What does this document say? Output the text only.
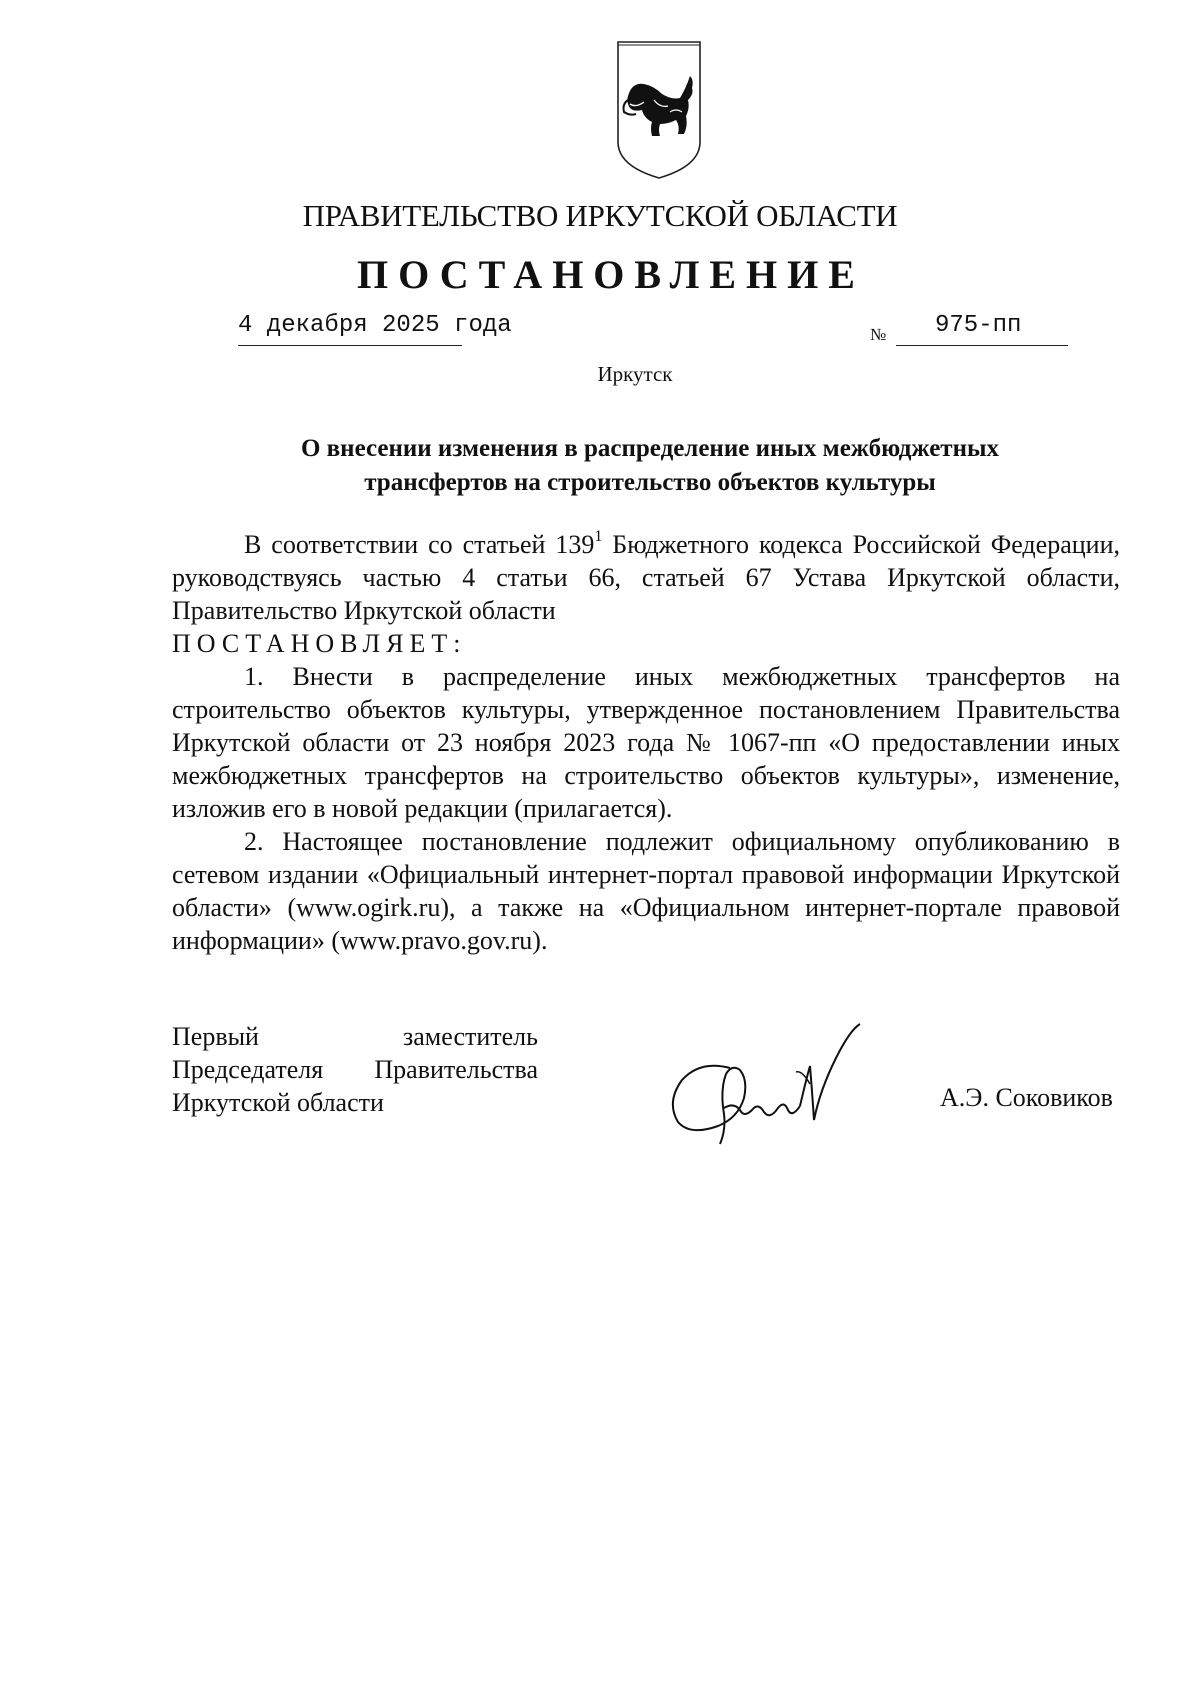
ПРАВИТЕЛЬСТВО ИРКУТСКОЙ ОБЛАСТИ
ПОСТАНОВЛЕНИЕ
4 декабря 2025 года	№ 975-пп
Иркутск
О внесении изменения в распределение иных межбюджетных
трансфертов на строительство объектов культуры

В соответствии со статьей $139^1$ Бюджетного кодекса Российской Федерации, руководствуясь частью 4 статьи 66, статьей 67 Устава Иркутской области, Правительство Иркутской области

ПОСТАНОВЛЯЕТ:

1. Внести в распределение иных межбюджетных трансфертов на строительство объектов культуры, утвержденное постановлением Правительства Иркутской области от 23 ноября 2023 года № 1067-пп «О предоставлении иных межбюджетных трансфертов на строительство объектов культуры», изменение, изложив его в новой редакции (прилагается).

2. Настоящее постановление подлежит официальному опубликованию в сетевом издании «Официальный интернет-портал правовой информации Иркутской области» (www.ogirk.ru), а также на «Официальном интернет-портале правовой информации» (www.pravo.gov.ru).

Первый заместитель
Председателя Правительства
Иркутской области	А.Э. Соковиков
